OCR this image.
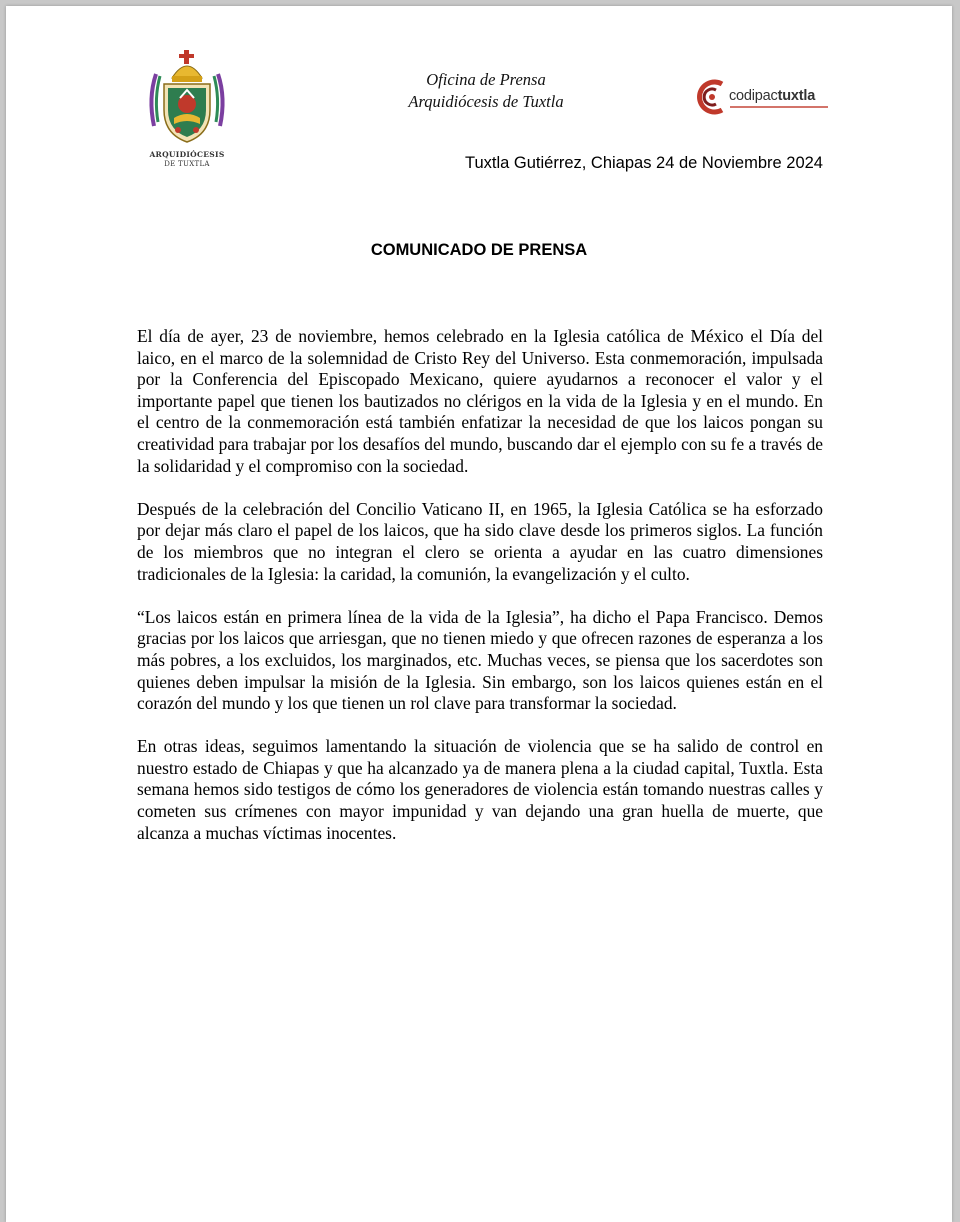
ARQUIDIÓCESIS
DE TUXTLA
Oficina de Prensa
Arquidiócesis de Tuxtla	codipactuxtla
Tuxtla Gutiérrez, Chiapas 24 de Noviembre 2024
COMUNICADO DE PRENSA

El día de ayer, 23 de noviembre, hemos celebrado en la Iglesia católica de México el Día del laico, en el marco de la solemnidad de Cristo Rey del Universo. Esta conmemoración, impulsada por la Conferencia del Episcopado Mexicano, quiere ayudarnos a reconocer el valor y el importante papel que tienen los bautizados no clérigos en la vida de la Iglesia y en el mundo. En el centro de la conmemoración está también enfatizar la necesidad de que los laicos pongan su creatividad para trabajar por los desafíos del mundo, buscando dar el ejemplo con su fe a través de la solidaridad y el compromiso con la sociedad.

Después de la celebración del Concilio Vaticano II, en 1965, la Iglesia Católica se ha esforzado por dejar más claro el papel de los laicos, que ha sido clave desde los primeros siglos. La función de los miembros que no integran el clero se orienta a ayudar en las cuatro dimensiones tradicionales de la Iglesia: la caridad, la comunión, la evangelización y el culto.

“Los laicos están en primera línea de la vida de la Iglesia”, ha dicho el Papa Francisco. Demos gracias por los laicos que arriesgan, que no tienen miedo y que ofrecen razones de esperanza a los más pobres, a los excluidos, los marginados, etc. Muchas veces, se piensa que los sacerdotes son quienes deben impulsar la misión de la Iglesia. Sin embargo, son los laicos quienes están en el corazón del mundo y los que tienen un rol clave para transformar la sociedad.

En otras ideas, seguimos lamentando la situación de violencia que se ha salido de control en nuestro estado de Chiapas y que ha alcanzado ya de manera plena a la ciudad capital, Tuxtla. Esta semana hemos sido testigos de cómo los generadores de violencia están tomando nuestras calles y cometen sus crímenes con mayor impunidad y van dejando una gran huella de muerte, que alcanza a muchas víctimas inocentes.
